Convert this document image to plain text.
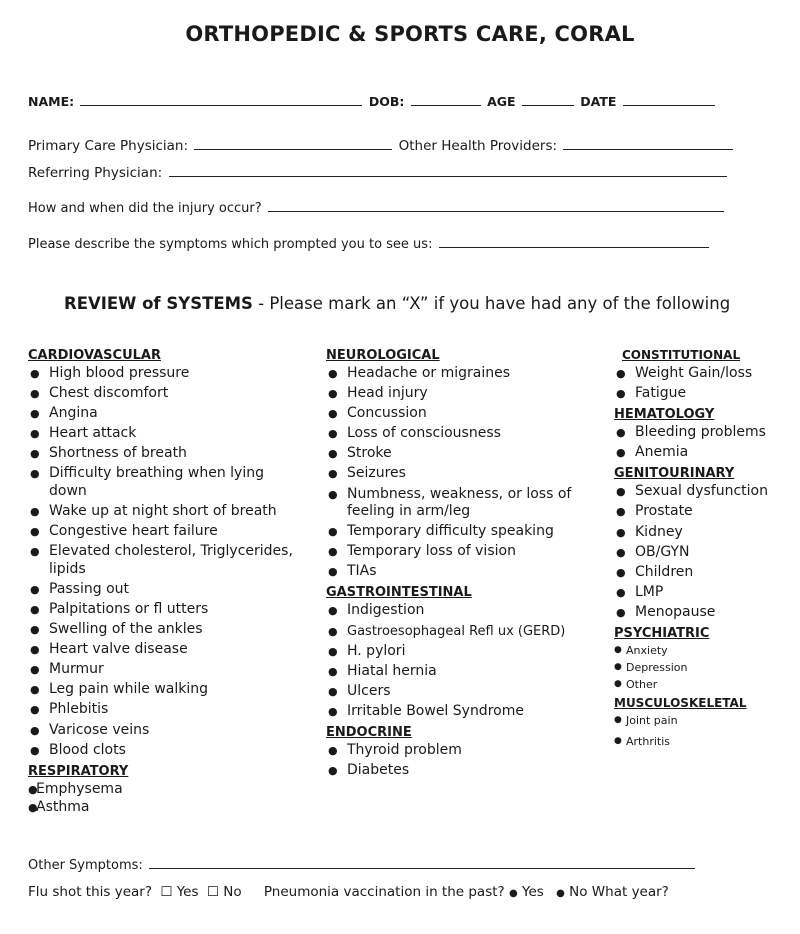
ORTHOPEDIC & SPORTS CARE, CORAL
NAME:	DOB:	AGE	DATE
Primary Care Physician:	Other Health Providers:
Referring Physician:
How and when did the injury occur?
Please describe the symptoms which prompted you to see us:
REVIEW of SYSTEMS - Please mark an “X” if you have had any of the following
CARDIOVASCULAR
● High blood pressure
● Chest discomfort
● Angina
● Heart attack
● Shortness of breath
● Difficulty breathing when lying down
● Wake up at night short of breath
● Congestive heart failure
● Elevated cholesterol, Triglycerides, lipids
● Passing out
● Palpitations or fl utters
● Swelling of the ankles
● Heart valve disease
● Murmur
● Leg pain while walking
● Phlebitis
● Varicose veins
● Blood clots
RESPIRATORY
●
Emphysema
●
Asthma
NEUROLOGICAL
● Headache or migraines
● Head injury
● Concussion
● Loss of consciousness
● Stroke
● Seizures
● Numbness, weakness, or loss of feeling in arm/leg
● Temporary difficulty speaking
● Temporary loss of vision
● TIAs
GASTROINTESTINAL
● Indigestion
● Gastroesophageal Refl ux (GERD)
● H. pylori
● Hiatal hernia
● Ulcers
● Irritable Bowel Syndrome
ENDOCRINE
● Thyroid problem
● Diabetes
CONSTITUTIONAL
● Weight Gain/loss
● Fatigue
HEMATOLOGY
● Bleeding problems
● Anemia
GENITOURINARY
● Sexual dysfunction
● Prostate
● Kidney
● OB/GYN
● Children
● LMP
● Menopause
PSYCHIATRIC
● Anxiety
● Depression
● Other
MUSCULOSKELETAL
● Joint pain
● Arthritis
Other Symptoms:
Flu shot this year? ☐ Yes ☐ No Pneumonia vaccination in the past? ● Yes ● No What year?
